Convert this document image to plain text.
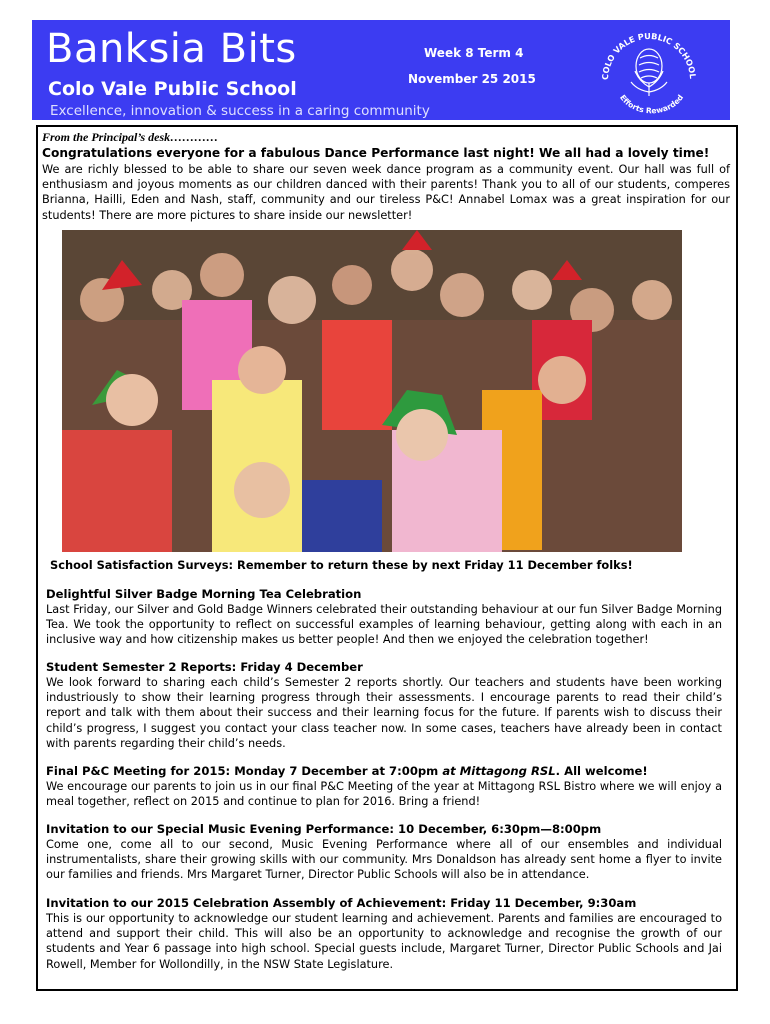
Banksia Bits
Colo Vale Public School
Excellence, innovation & success in a caring community
Week 8 Term 4
November 25 2015	COLO VALE PUBLIC SCHOOL
Efforts Rewarded
From the Principal’s desk…………
Congratulations everyone for a fabulous Dance Performance last night! We all had a lovely time!
We are richly blessed to be able to share our seven week dance program as a community event. Our hall was full of enthusiasm and joyous moments as our children danced with their parents! Thank you to all of our students, comperes Brianna, Hailli, Eden and Nash, staff, community and our tireless P&C! Annabel Lomax was a great inspiration for our students! There are more pictures to share inside our newsletter!
School Satisfaction Surveys: Remember to return these by next Friday 11 December folks!
Delightful Silver Badge Morning Tea Celebration
Last Friday, our Silver and Gold Badge Winners celebrated their outstanding behaviour at our fun Silver Badge Morning Tea. We took the opportunity to reflect on successful examples of learning behaviour, getting along with each in an inclusive way and how citizenship makes us better people! And then we enjoyed the celebration together!
Student Semester 2 Reports: Friday 4 December
We look forward to sharing each child’s Semester 2 reports shortly. Our teachers and students have been working industriously to show their learning progress through their assessments. I encourage parents to read their child’s report and talk with them about their success and their learning focus for the future. If parents wish to discuss their child’s progress, I suggest you contact your class teacher now. In some cases, teachers have already been in contact with parents regarding their child’s needs.
Final P&C Meeting for 2015: Monday 7 December at 7:00pm at Mittagong RSL. All welcome!
We encourage our parents to join us in our final P&C Meeting of the year at Mittagong RSL Bistro where we will enjoy a meal together, reflect on 2015 and continue to plan for 2016. Bring a friend!
Invitation to our Special Music Evening Performance: 10 December, 6:30pm—8:00pm
Come one, come all to our second, Music Evening Performance where all of our ensembles and individual instrumentalists, share their growing skills with our community. Mrs Donaldson has already sent home a flyer to invite our families and friends. Mrs Margaret Turner, Director Public Schools will also be in attendance.
Invitation to our 2015 Celebration Assembly of Achievement: Friday 11 December, 9:30am
This is our opportunity to acknowledge our student learning and achievement. Parents and families are encouraged to attend and support their child. This will also be an opportunity to acknowledge and recognise the growth of our students and Year 6 passage into high school. Special guests include, Margaret Turner, Director Public Schools and Jai Rowell, Member for Wollondilly, in the NSW State Legislature.
